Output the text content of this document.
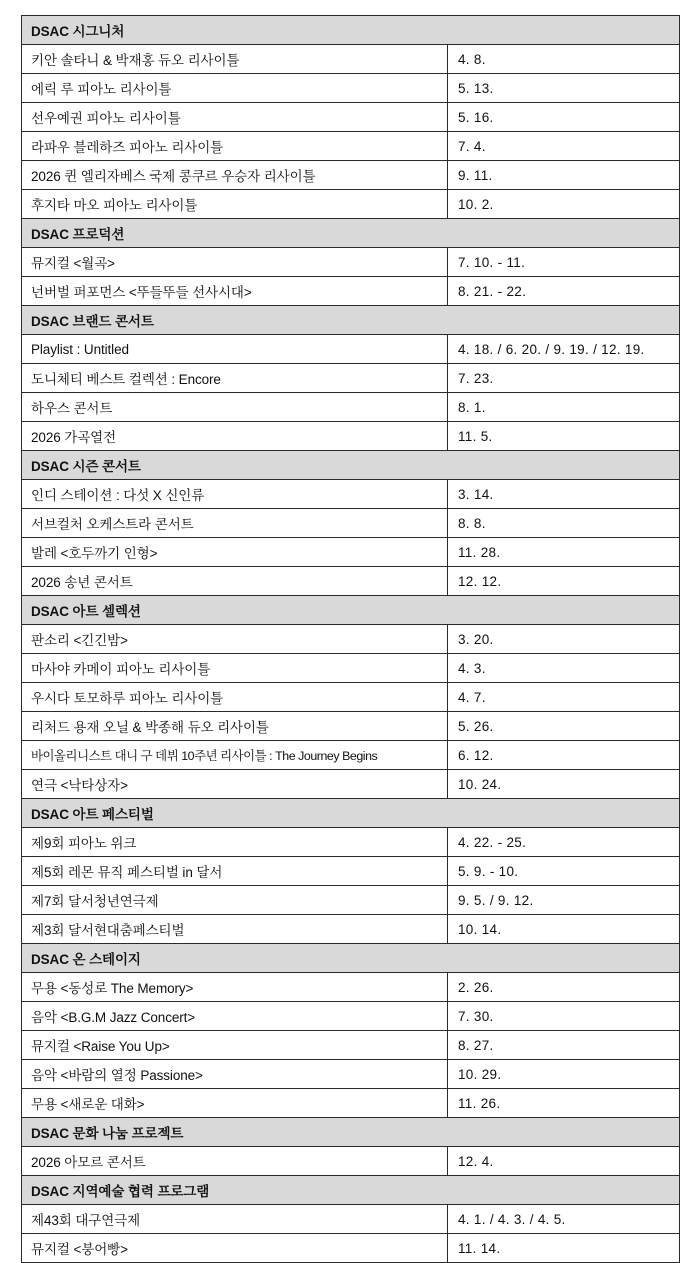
DSAC 시그니처	
키안 솔타니 & 박재홍 듀오 리사이틀	4. 8.
에릭 루 피아노 리사이틀	5. 13.
선우예권 피아노 리사이틀	5. 16.
라파우 블레하즈 피아노 리사이틀	7. 4.
2026 퀸 엘리자베스 국제 콩쿠르 우승자 리사이틀	9. 11.
후지타 마오 피아노 리사이틀	10. 2.
DSAC 프로덕션	
뮤지컬 <월곡>	7. 10. - 11.
넌버벌 퍼포먼스 <뚜들뚜들 선사시대>	8. 21. - 22.
DSAC 브랜드 콘서트	
Playlist : Untitled	4. 18. / 6. 20. / 9. 19. / 12. 19.
도니체티 베스트 컬렉션 : Encore	7. 23.
하우스 콘서트	8. 1.
2026 가곡열전	11. 5.
DSAC 시즌 콘서트	
인디 스테이션 : 다섯 X 신인류	3. 14.
서브컬처 오케스트라 콘서트	8. 8.
발레 <호두까기 인형>	11. 28.
2026 송년 콘서트	12. 12.
DSAC 아트 셀렉션	
판소리 <긴긴밤>	3. 20.
마사야 카메이 피아노 리사이틀	4. 3.
우시다 토모하루 피아노 리사이틀	4. 7.
리처드 용재 오닐 & 박종해 듀오 리사이틀	5. 26.
바이올리니스트 대니 구 데뷔 10주년 리사이틀 : The Journey Begins	6. 12.
연극 <낙타상자>	10. 24.
DSAC 아트 페스티벌	
제9회 피아노 위크	4. 22. - 25.
제5회 레몬 뮤직 페스티벌 in 달서	5. 9. - 10.
제7회 달서청년연극제	9. 5. / 9. 12.
제3회 달서현대춤페스티벌	10. 14.
DSAC 온 스테이지	
무용 <동성로 The Memory>	2. 26.
음악 <B.G.M Jazz Concert>	7. 30.
뮤지컬 <Raise You Up>	8. 27.
음악 <바람의 열정 Passione>	10. 29.
무용 <새로운 대화>	11. 26.
DSAC 문화 나눔 프로젝트	
2026 아모르 콘서트	12. 4.
DSAC 지역예술 협력 프로그램	
제43회 대구연극제	4. 1. / 4. 3. / 4. 5.
뮤지컬 <붕어빵>	11. 14.
